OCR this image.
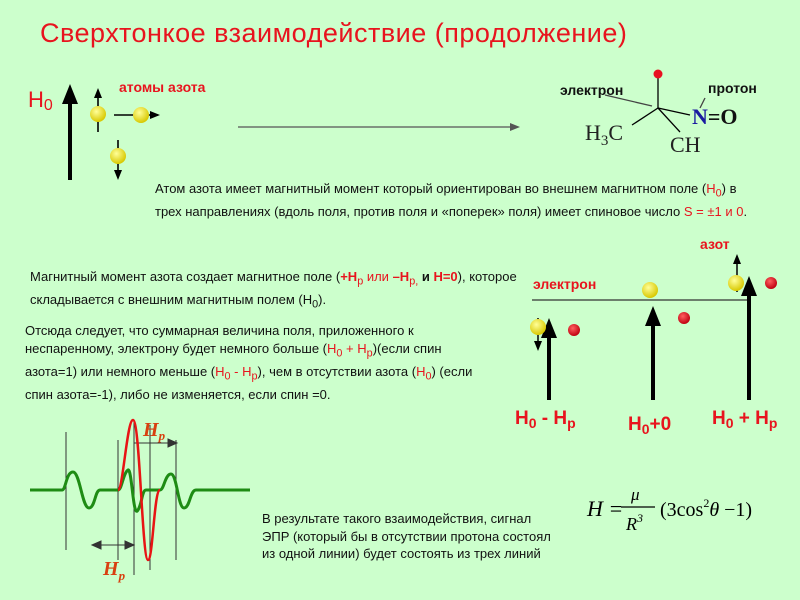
Сверхтонкое взаимодействие (продолжение)
H0
атомы азота	электрон	протон
$H_3C$ CH
N=O
азот
электрон
$H_0 - H_р$	$H_0+0$ $H_0 + H_р$
$H_р$
$H_р$
H =
μ
$R^3$ $(3\cos^2\theta -1)$
Атом азота имеет магнитный момент который ориентирован во внешнем магнитном поле $(H_0)$ в трех направлениях (вдоль поля, против поля и «поперек» поля) имеет спиновое число S = ±1 и 0.
Магнитный момент азота создает магнитное поле ($+H_р$ или $-H_{р,}$ и H=0), которое складывается с внешним магнитным полем $(H_0)$.
Отсюда следует, что суммарная величина поля, приложенного к неспаренному, электрону будет немного больше ($H_0$ + $H_р)(если$ спин азота=1) или немного меньше $(H_0 - H_р)$, чем в отсутствии азота $(H_0)$ (если спин азота=-1), либо не изменяется, если спин =0.
В результате такого взаимодействия, сигнал ЭПР (который бы в отсутствии протона состоял из одной линии) будет состоять из трех линий
